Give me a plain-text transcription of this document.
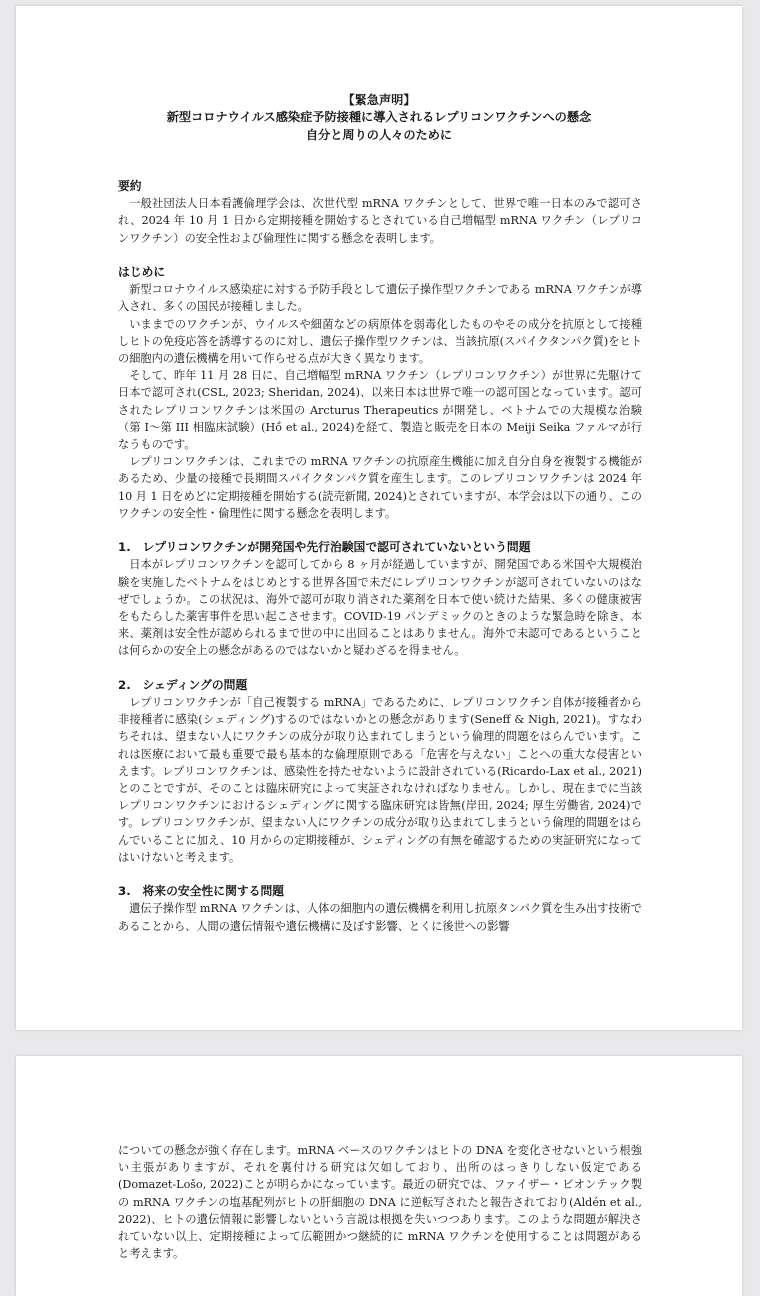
【緊急声明】
新型コロナウイルス感染症予防接種に導入されるレプリコンワクチンへの懸念
自分と周りの人々のために

要約

一般社団法人日本看護倫理学会は、次世代型 mRNA ワクチンとして、世界で唯一日本のみで認可され、2024 年 10 月 1 日から定期接種を開始するとされている自己増幅型 mRNA ワクチン（レプリコンワクチン）の安全性および倫理性に関する懸念を表明します。

はじめに

新型コロナウイルス感染症に対する予防手段として遺伝子操作型ワクチンである mRNA ワクチンが導入され、多くの国民が接種しました。

いままでのワクチンが、ウイルスや細菌などの病原体を弱毒化したものやその成分を抗原として接種しヒトの免疫応答を誘導するのに対し、遺伝子操作型ワクチンは、当該抗原(スパイクタンパク質)をヒトの細胞内の遺伝機構を用いて作らせる点が大きく異なります。

そして、昨年 11 月 28 日に、自己増幅型 mRNA ワクチン（レプリコンワクチン）が世界に先駆けて日本で認可され(CSL, 2023; Sheridan, 2024)、以来日本は世界で唯一の認可国となっています。認可されたレプリコンワクチンは米国の Arcturus Therapeutics が開発し、ベトナムでの大規模な治験（第 I〜第 III 相臨床試験）(Hồ et al., 2024)を経て、製造と販売を日本の Meiji Seika ファルマが行なうものです。

レプリコンワクチンは、これまでの mRNA ワクチンの抗原産生機能に加え自分自身を複製する機能があるため、少量の接種で長期間スパイクタンパク質を産生します。このレプリコンワクチンは 2024 年 10 月 1 日をめどに定期接種を開始する(読売新聞, 2024)とされていますが、本学会は以下の通り、このワクチンの安全性・倫理性に関する懸念を表明します。

1.　レプリコンワクチンが開発国や先行治験国で認可されていないという問題

日本がレプリコンワクチンを認可してから 8 ヶ月が経過していますが、開発国である米国や大規模治験を実施したベトナムをはじめとする世界各国で未だにレプリコンワクチンが認可されていないのはなぜでしょうか。この状況は、海外で認可が取り消された薬剤を日本で使い続けた結果、多くの健康被害をもたらした薬害事件を思い起こさせます。COVID-19 パンデミックのときのような緊急時を除き、本来、薬剤は安全性が認められるまで世の中に出回ることはありません。海外で未認可であるということは何らかの安全上の懸念があるのではないかと疑わざるを得ません。

2.　シェディングの問題

レプリコンワクチンが「自己複製する mRNA」であるために、レプリコンワクチン自体が接種者から非接種者に感染(シェディング)するのではないかとの懸念があります(Seneff & Nigh, 2021)。すなわちそれは、望まない人にワクチンの成分が取り込まれてしまうという倫理的問題をはらんでいます。これは医療において最も重要で最も基本的な倫理原則である「危害を与えない」ことへの重大な侵害といえます。レプリコンワクチンは、感染性を持たせないように設計されている(Ricardo-Lax et al., 2021)とのことですが、そのことは臨床研究によって実証されなければなりません。しかし、現在までに当該レプリコンワクチンにおけるシェディングに関する臨床研究は皆無(岸田, 2024; 厚生労働省, 2024)です。レプリコンワクチンが、望まない人にワクチンの成分が取り込まれてしまうという倫理的問題をはらんでいることに加え、10 月からの定期接種が、シェディングの有無を確認するための実証研究になってはいけないと考えます。

3.　将来の安全性に関する問題

遺伝子操作型 mRNA ワクチンは、人体の細胞内の遺伝機構を利用し抗原タンパク質を生み出す技術であることから、人間の遺伝情報や遺伝機構に及ぼす影響、とくに後世への影響

についての懸念が強く存在します。mRNA ベースのワクチンはヒトの DNA を変化させないという根強い主張がありますが、それを裏付ける研究は欠如しており、出所のはっきりしない仮定である(Domazet-Lošo, 2022)ことが明らかになっています。最近の研究では、ファイザー・ビオンテック製の mRNA ワクチンの塩基配列がヒトの肝細胞の DNA に逆転写されたと報告されており(Aldén et al., 2022)、ヒトの遺伝情報に影響しないという言説は根拠を失いつつあります。このような問題が解決されていない以上、定期接種によって広範囲かつ継続的に mRNA ワクチンを使用することは問題があると考えます。
